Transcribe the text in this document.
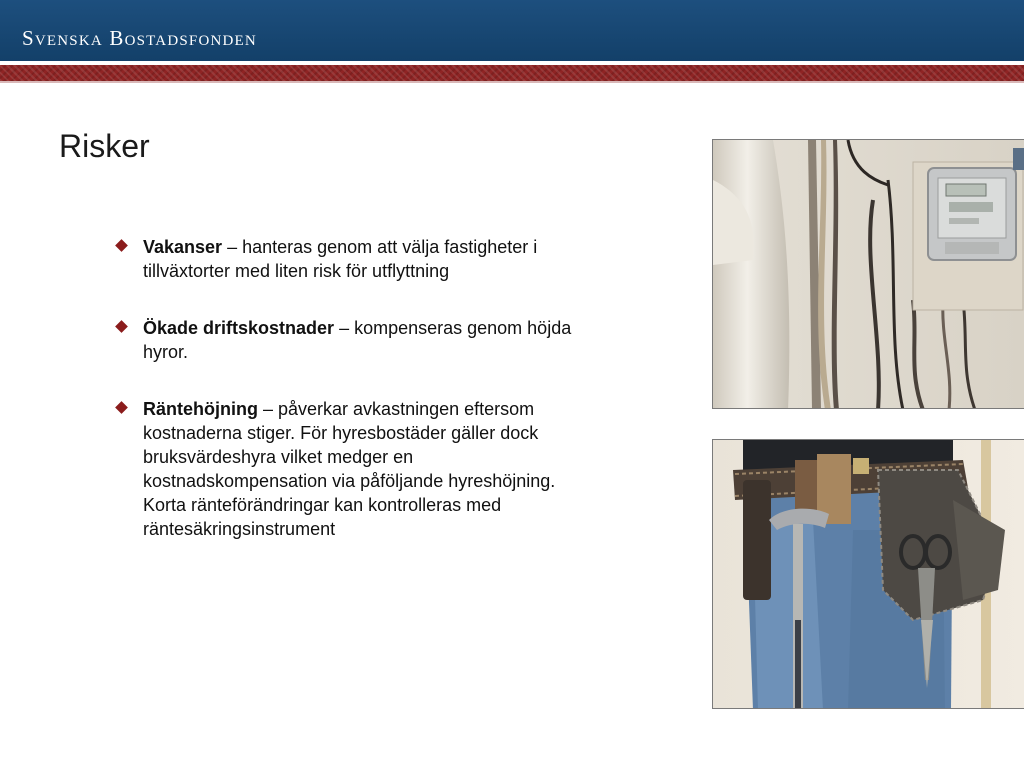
Svenska Bostadsfonden
Risker
Vakanser – hanteras genom att välja fastigheter i tillväxtorter med liten risk för utflyttning
Ökade driftskostnader – kompenseras genom höjda hyror.
Räntehöjning – påverkar avkastningen eftersom kostnaderna stiger. För hyresbostäder gäller dock bruksvärdeshyra vilket medger en kostnadskompensation via påföljande hyreshöjning. Korta ränteförändringar kan kontrolleras med räntesäkringsinstrument
